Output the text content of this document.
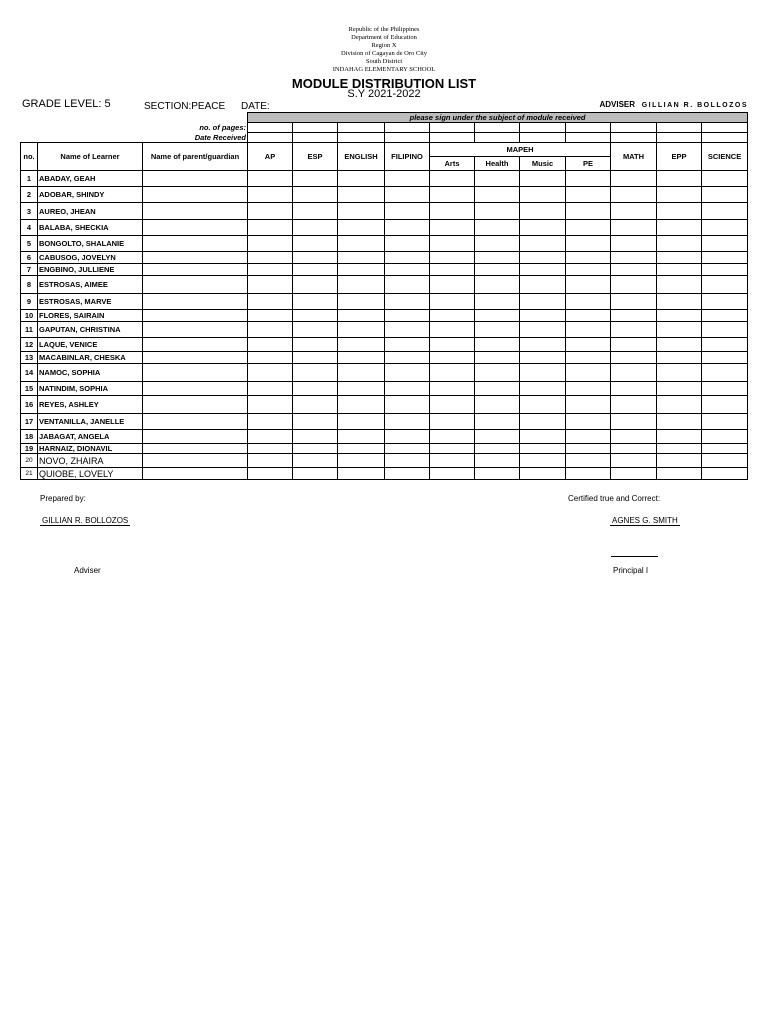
Republic of the Philippines
Department of Education
Region X
Division of Cagayan de Oro City
South District
INDAHAG ELEMENTARY SCHOOL
MODULE DISTRIBUTION LIST
S.Y 2021-2022
GRADE LEVEL: 5	SECTION:PEACE DATE:	ADVISER GILLIAN R. BOLLOZOS
			please sign under the subject of module received										
		no. of pages:											
		Date Received											
no.	Name of Learner	Name of parent/guardian	AP	ESP	ENGLISH	FILIPINO	MAPEH				MATH	EPP	SCIENCE
							Arts	Health	Music	PE			
1	ABADAY, GEAH												
2	ADOBAR, SHINDY												
3	AUREO, JHEAN												
4	BALABA, SHECKIA												
5	BONGOLTO, SHALANIE												
6	CABUSOG, JOVELYN												
7	ENGBINO, JULLIENE												
8	ESTROSAS, AIMEE												
9	ESTROSAS, MARVE												
10	FLORES, SAIRAIN												
11	GAPUTAN, CHRISTINA												
12	LAQUE, VENICE												
13	MACABINLAR, CHESKA												
14	NAMOC, SOPHIA												
15	NATINDIM, SOPHIA												
16	REYES, ASHLEY												
17	VENTANILLA, JANELLE												
18	JABAGAT, ANGELA												
19	HARNAIZ, DIONAVIL												
20	NOVO, ZHAIRA												
21	QUIOBE, LOVELY												
Prepared by:
GILLIAN R. BOLLOZOS
Adviser
Certified true and Correct:
AGNES G. SMITH
Principal I
